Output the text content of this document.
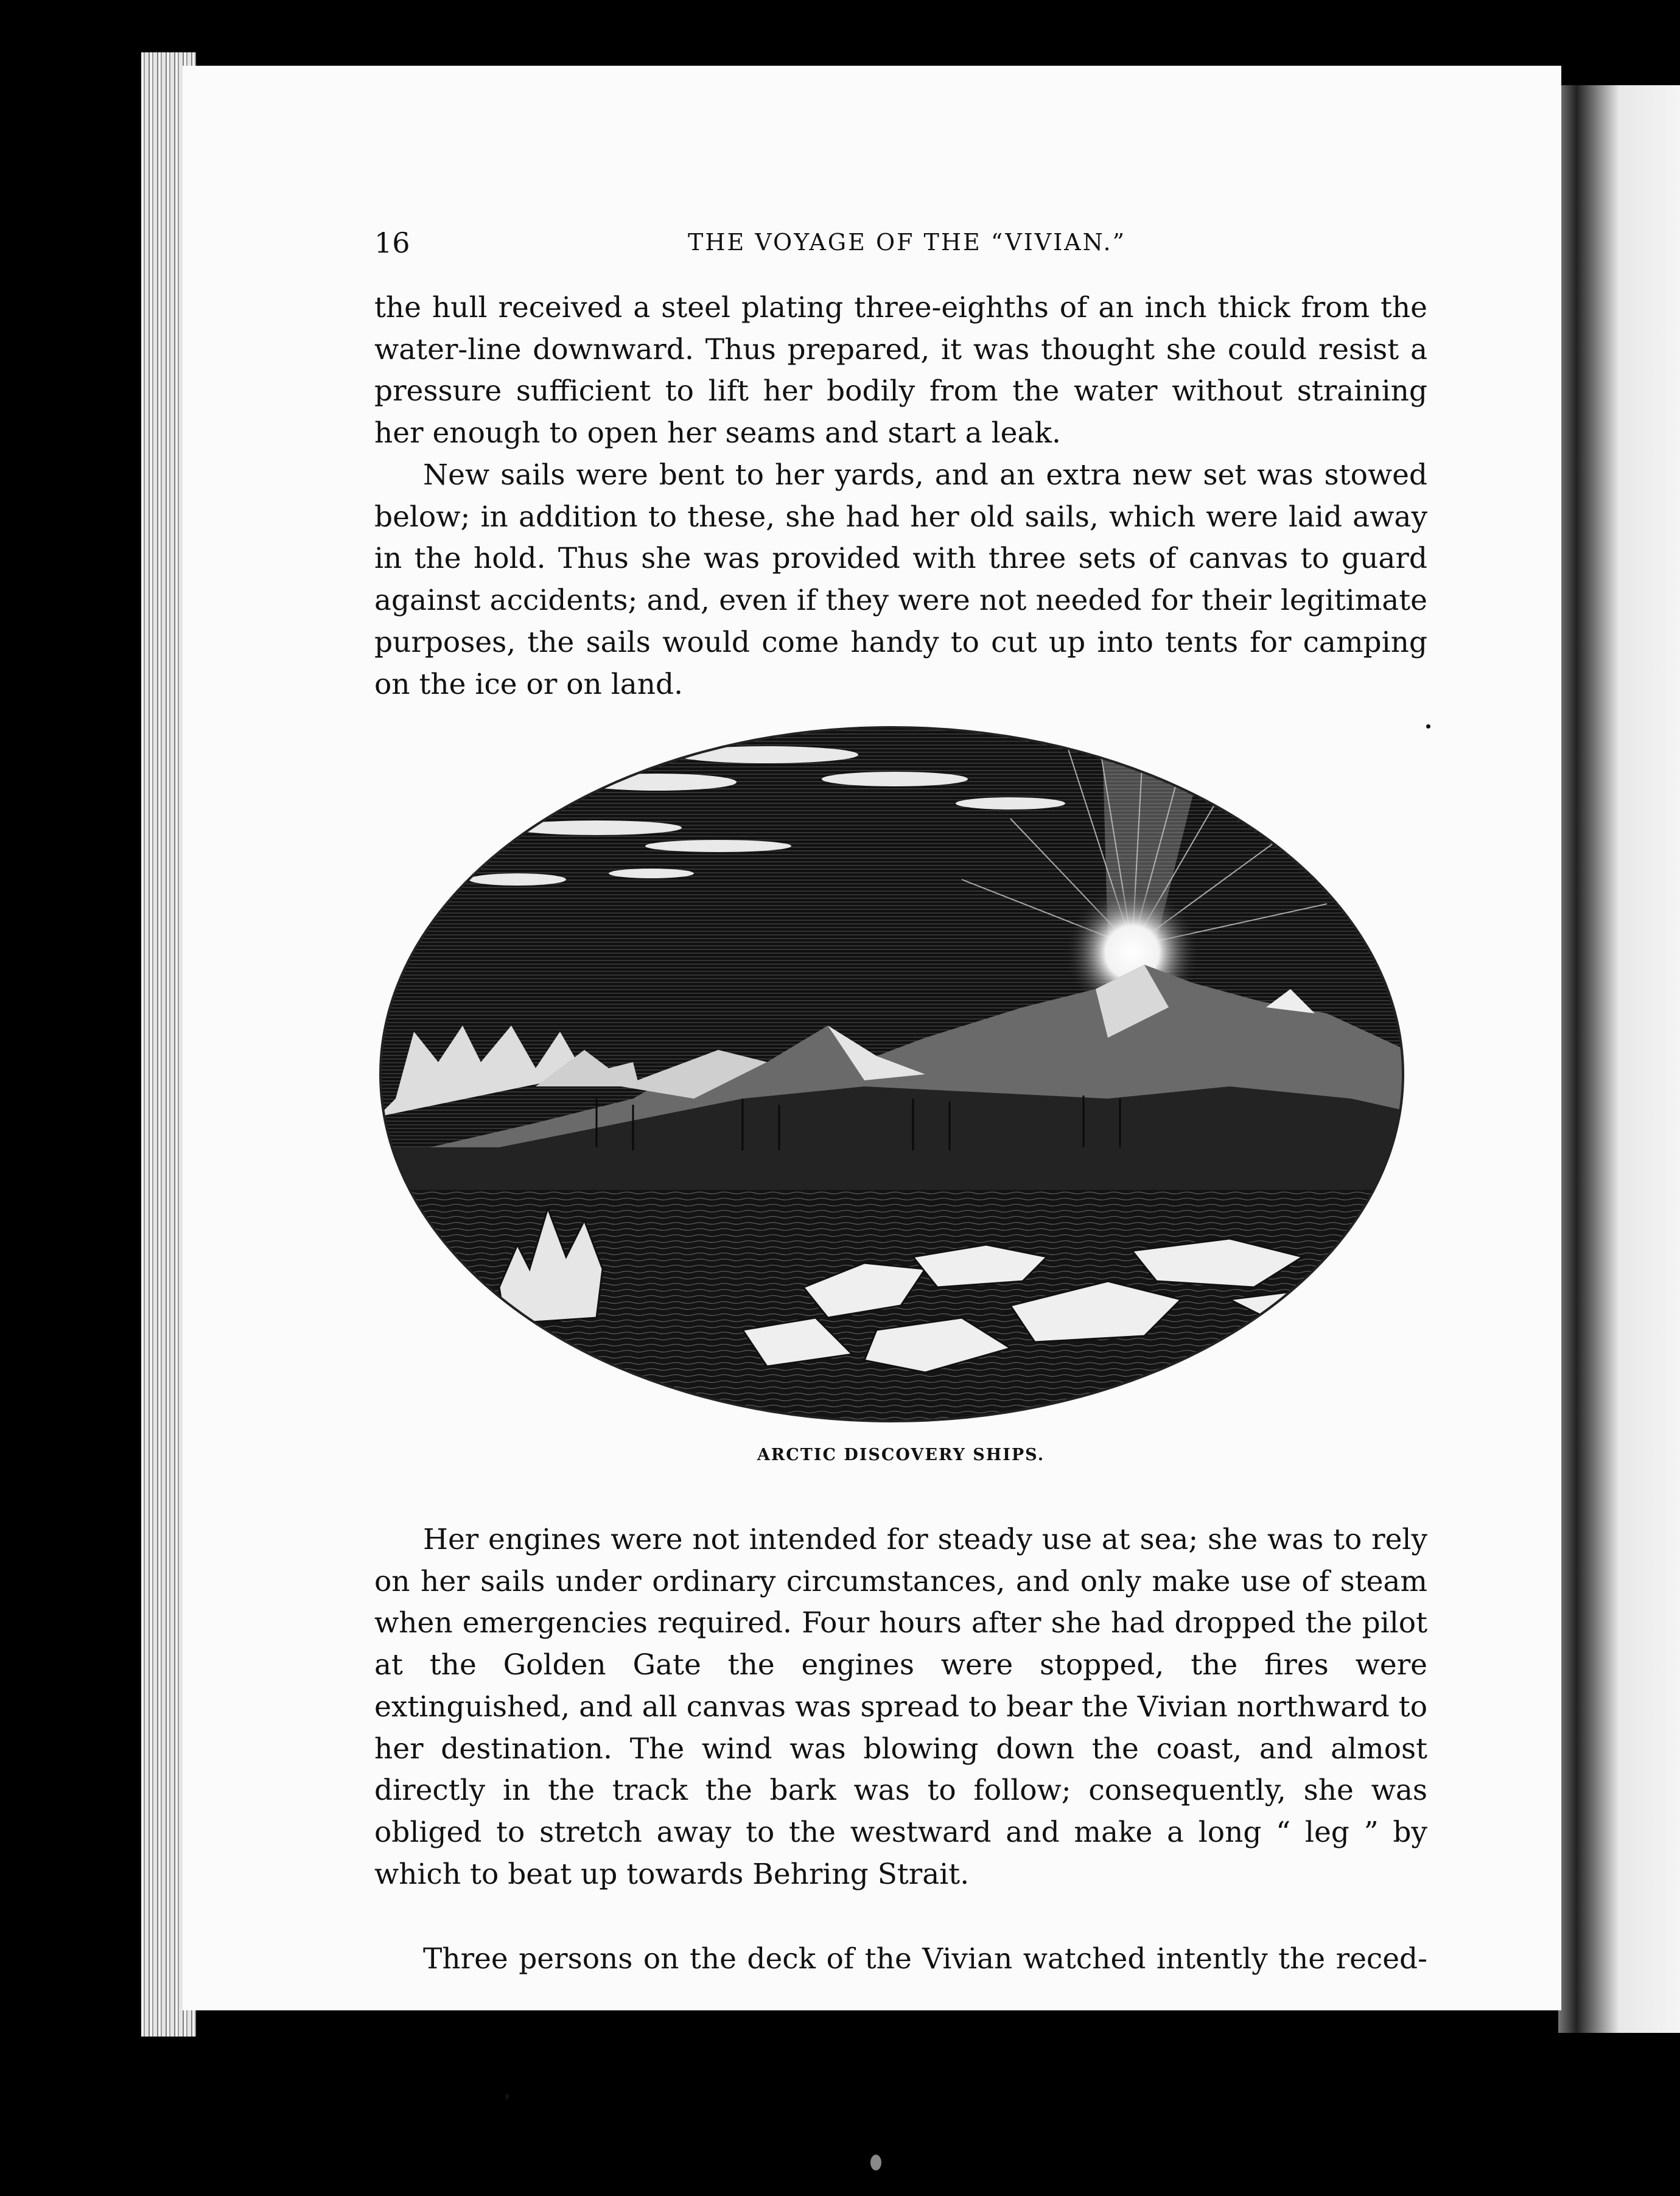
16	THE VOYAGE OF THE “VIVIAN.”
the hull received a steel plating three-eighths of an inch thick from the water-line downward. Thus prepared, it was thought she could resist a pressure sufficient to lift her bodily from the water without straining her enough to open her seams and start a leak.
New sails were bent to her yards, and an extra new set was stowed below; in addition to these, she had her old sails, which were laid away in the hold. Thus she was provided with three sets of canvas to guard against accidents; and, even if they were not needed for their legitimate purposes, the sails would come handy to cut up into tents for camping on the ice or on land.
ARCTIC DISCOVERY SHIPS.
Her engines were not intended for steady use at sea; she was to rely on her sails under ordinary circumstances, and only make use of steam when emergencies required. Four hours after she had dropped the pilot at the Golden Gate the engines were stopped, the fires were extinguished, and all canvas was spread to bear the Vivian northward to her destination. The wind was blowing down the coast, and almost directly in the track the bark was to follow; consequently, she was obliged to stretch away to the westward and make a long “ leg ” by which to beat up towards Behring Strait.
Three persons on the deck of the Vivian watched intently the reced-
